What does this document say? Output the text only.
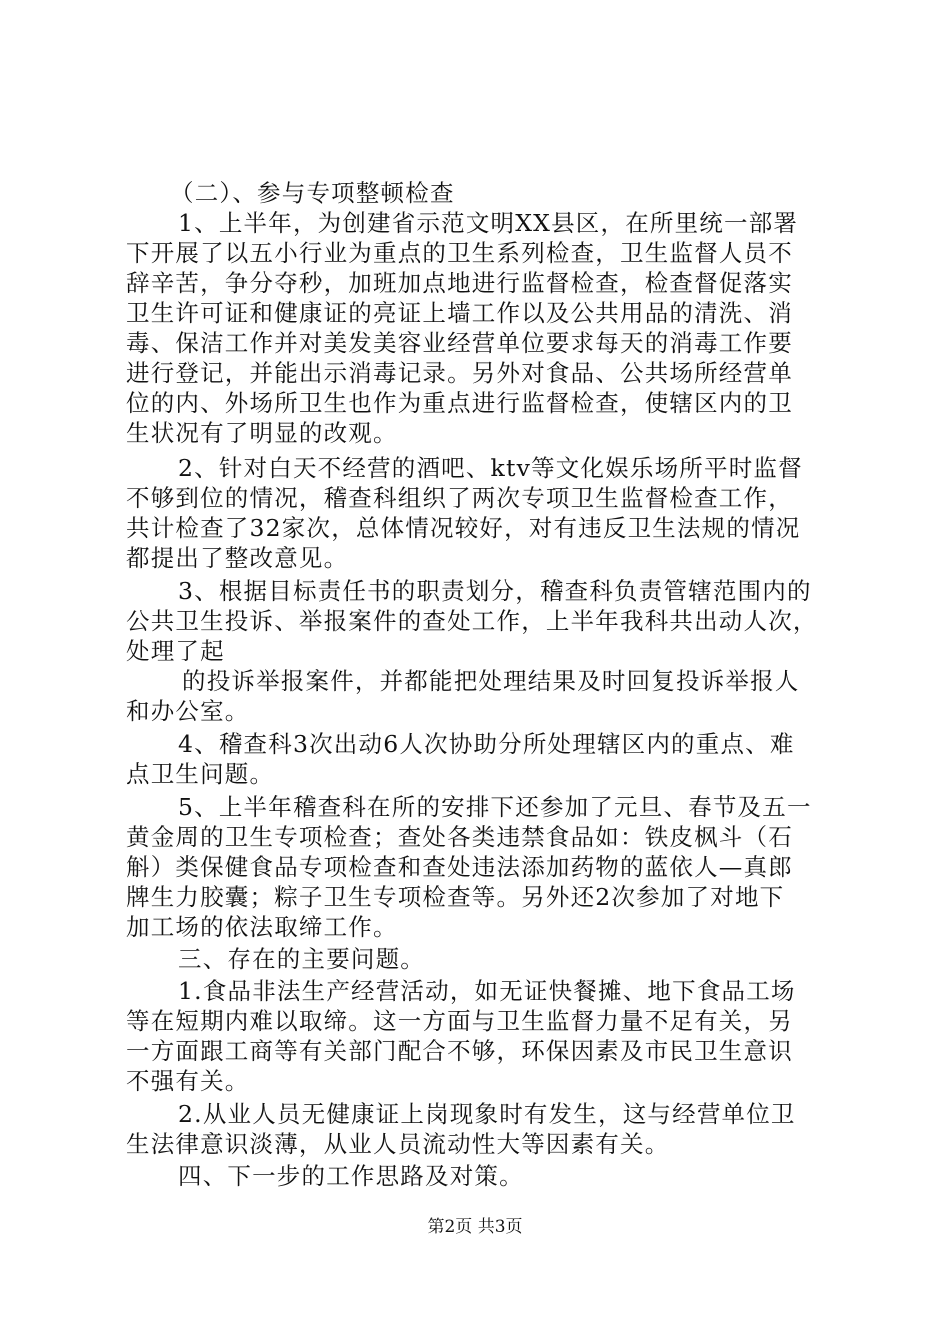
（二）、参与专项整顿检查
1、上半年，为创建省示范文明XX县区，在所里统一部署
下开展了以五小行业为重点的卫生系列检查，卫生监督人员不
辞辛苦，争分夺秒，加班加点地进行监督检查，检查督促落实
卫生许可证和健康证的亮证上墙工作以及公共用品的清洗、消
毒、保洁工作并对美发美容业经营单位要求每天的消毒工作要
进行登记，并能出示消毒记录。另外对食品、公共场所经营单
位的内、外场所卫生也作为重点进行监督检查，使辖区内的卫
生状况有了明显的改观。
2、针对白天不经营的酒吧、ktv等文化娱乐场所平时监督
不够到位的情况，稽查科组织了两次专项卫生监督检查工作，
共计检查了32家次，总体情况较好，对有违反卫生法规的情况
都提出了整改意见。
3、根据目标责任书的职责划分，稽查科负责管辖范围内的
公共卫生投诉、举报案件的查处工作，上半年我科共出动人次，
处理了起
的投诉举报案件，并都能把处理结果及时回复投诉举报人
和办公室。
4、稽查科3次出动6人次协助分所处理辖区内的重点、难
点卫生问题。
5、上半年稽查科在所的安排下还参加了元旦、春节及五一
黄金周的卫生专项检查；查处各类违禁食品如：铁皮枫斗（石
斛）类保健食品专项检查和查处违法添加药物的蓝依人—真郎
牌生力胶囊；粽子卫生专项检查等。另外还2次参加了对地下
加工场的依法取缔工作。
三、存在的主要问题。
1.食品非法生产经营活动，如无证快餐摊、地下食品工场
等在短期内难以取缔。这一方面与卫生监督力量不足有关，另
一方面跟工商等有关部门配合不够，环保因素及市民卫生意识
不强有关。
2.从业人员无健康证上岗现象时有发生，这与经营单位卫
生法律意识淡薄，从业人员流动性大等因素有关。
四、下一步的工作思路及对策。
第2页 共3页
